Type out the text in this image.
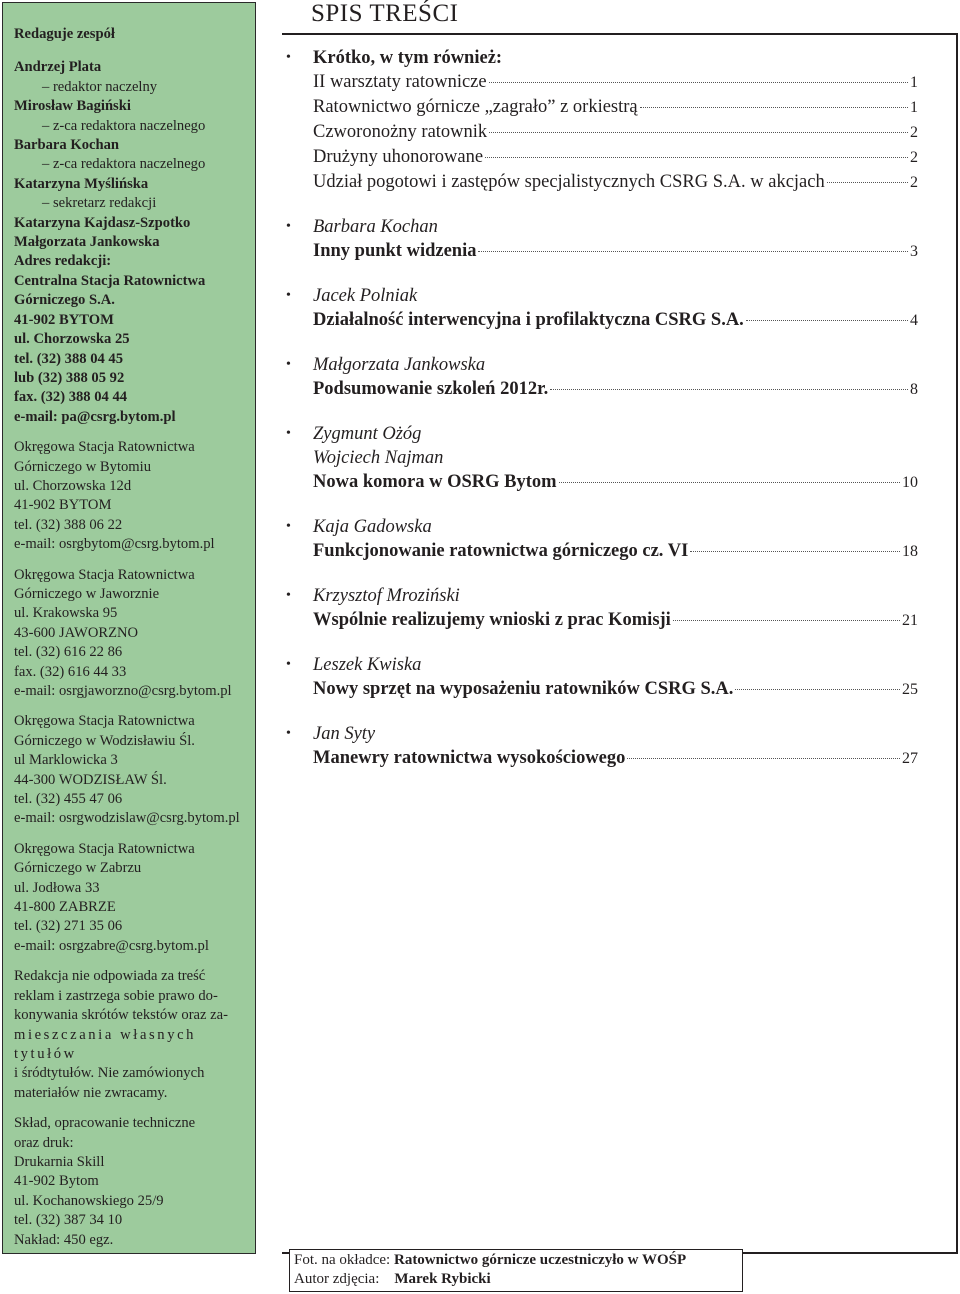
Redaguje zespół
Andrzej Plata
– redaktor naczelny
Mirosław Bagiński
– z-ca redaktora naczelnego
Barbara Kochan
– z-ca redaktora naczelnego
Katarzyna Myślińska
– sekretarz redakcji
Katarzyna Kajdasz-Szpotko
Małgorzata Jankowska
Adres redakcji:
Centralna Stacja Ratownictwa
Górniczego S.A.
41-902 BYTOM
ul. Chorzowska 25
tel. (32) 388 04 45
lub (32) 388 05 92
fax. (32) 388 04 44
e-mail: pa@csrg.bytom.pl
Okręgowa Stacja Ratownictwa
Górniczego w Bytomiu
ul. Chorzowska 12d
41-902 BYTOM
tel. (32) 388 06 22
e-mail: osrgbytom@csrg.bytom.pl
Okręgowa Stacja Ratownictwa
Górniczego w Jaworznie
ul. Krakowska 95
43-600 JAWORZNO
tel. (32) 616 22 86
fax. (32) 616 44 33
e-mail: osrgjaworzno@csrg.bytom.pl
Okręgowa Stacja Ratownictwa
Górniczego w Wodzisławiu Śl.
ul Marklowicka 3
44-300 WODZISŁAW Śl.
tel. (32) 455 47 06
e-mail: osrgwodzislaw@csrg.bytom.pl
Okręgowa Stacja Ratownictwa
Górniczego w Zabrzu
ul. Jodłowa 33
41-800 ZABRZE
tel. (32) 271 35 06
e-mail: osrgzabre@csrg.bytom.pl
Redakcja nie odpowiada za treść
reklam i zastrzega sobie prawo do-
konywania skrótów tekstów oraz za-
mieszczania własnych tytułów
i śródtytułów. Nie zamówionych
materiałów nie zwracamy.
Skład, opracowanie techniczne
oraz druk:
Drukarnia Skill
41-902 Bytom
ul. Kochanowskiego 25/9
tel. (32) 387 34 10
Nakład: 450 egz.
SPIS TREŚCI
• Krótko, w tym również:
II warsztaty ratownicze	1
Ratownictwo górnicze „zagrało” z orkiestrą	1
Czworonożny ratownik	2
Drużyny uhonorowane	2
Udział pogotowi i zastępów specjalistycznych CSRG S.A. w akcjach	2
• Barbara Kochan
Inny punkt widzenia	3
• Jacek Polniak
Działalność interwencyjna i profilaktyczna CSRG S.A.	4
• Małgorzata Jankowska
Podsumowanie szkoleń 2012r.	8
• Zygmunt Ożóg
Wojciech Najman
Nowa komora w OSRG Bytom	10
• Kaja Gadowska
Funkcjonowanie ratownictwa górniczego cz. VI	18
• Krzysztof Mroziński
Wspólnie realizujemy wnioski z prac Komisji	21
• Leszek Kwiska
Nowy sprzęt na wyposażeniu ratowników CSRG S.A.	25
• Jan Syty
Manewry ratownictwa wysokościowego	27
Fot. na okładce: Ratownictwo górnicze uczestniczyło w WOŚP
Autor zdjęcia:    Marek Rybicki
